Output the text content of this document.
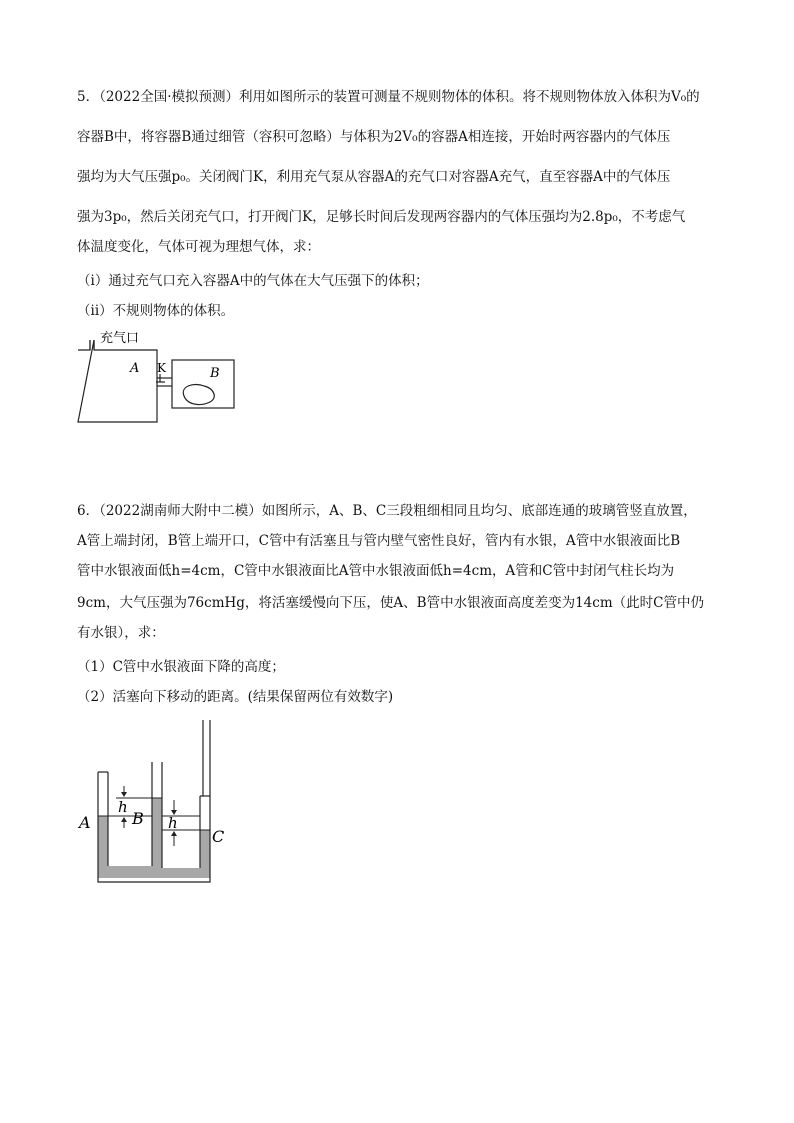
5．（2022全国·模拟预测）利用如图所示的装置可测量不规则物体的体积。将不规则物体放入体积为V₀的

容器B中，将容器B通过细管（容积可忽略）与体积为2V₀的容器A相连接，开始时两容器内的气体压

强均为大气压强p₀。关闭阀门K，利用充气泵从容器A的充气口对容器A充气，直至容器A中的气体压

强为3p₀，然后关闭充气口，打开阀门K，足够长时间后发现两容器内的气体压强均为2.8p₀，不考虑气

体温度变化，气体可视为理想气体，求：

（i）通过充气口充入容器A中的气体在大气压强下的体积；

（ii）不规则物体的体积。

充气口
A K	B

6．（2022湖南师大附中二模）如图所示，A、B、C三段粗细相同且均匀、底部连通的玻璃管竖直放置，

A管上端封闭，B管上端开口，C管中有活塞且与管内壁气密性良好，管内有水银，A管中水银液面比B

管中水银液面低h=4cm，C管中水银液面比A管中水银液面低h=4cm，A管和C管中封闭气柱长均为

9cm，大气压强为76cmHg，将活塞缓慢向下压，使A、B管中水银液面高度差变为14cm（此时C管中仍

有水银），求：

（1）C管中水银液面下降的高度；

（2）活塞向下移动的距离。(结果保留两位有效数字)

h
h
A	B
C
